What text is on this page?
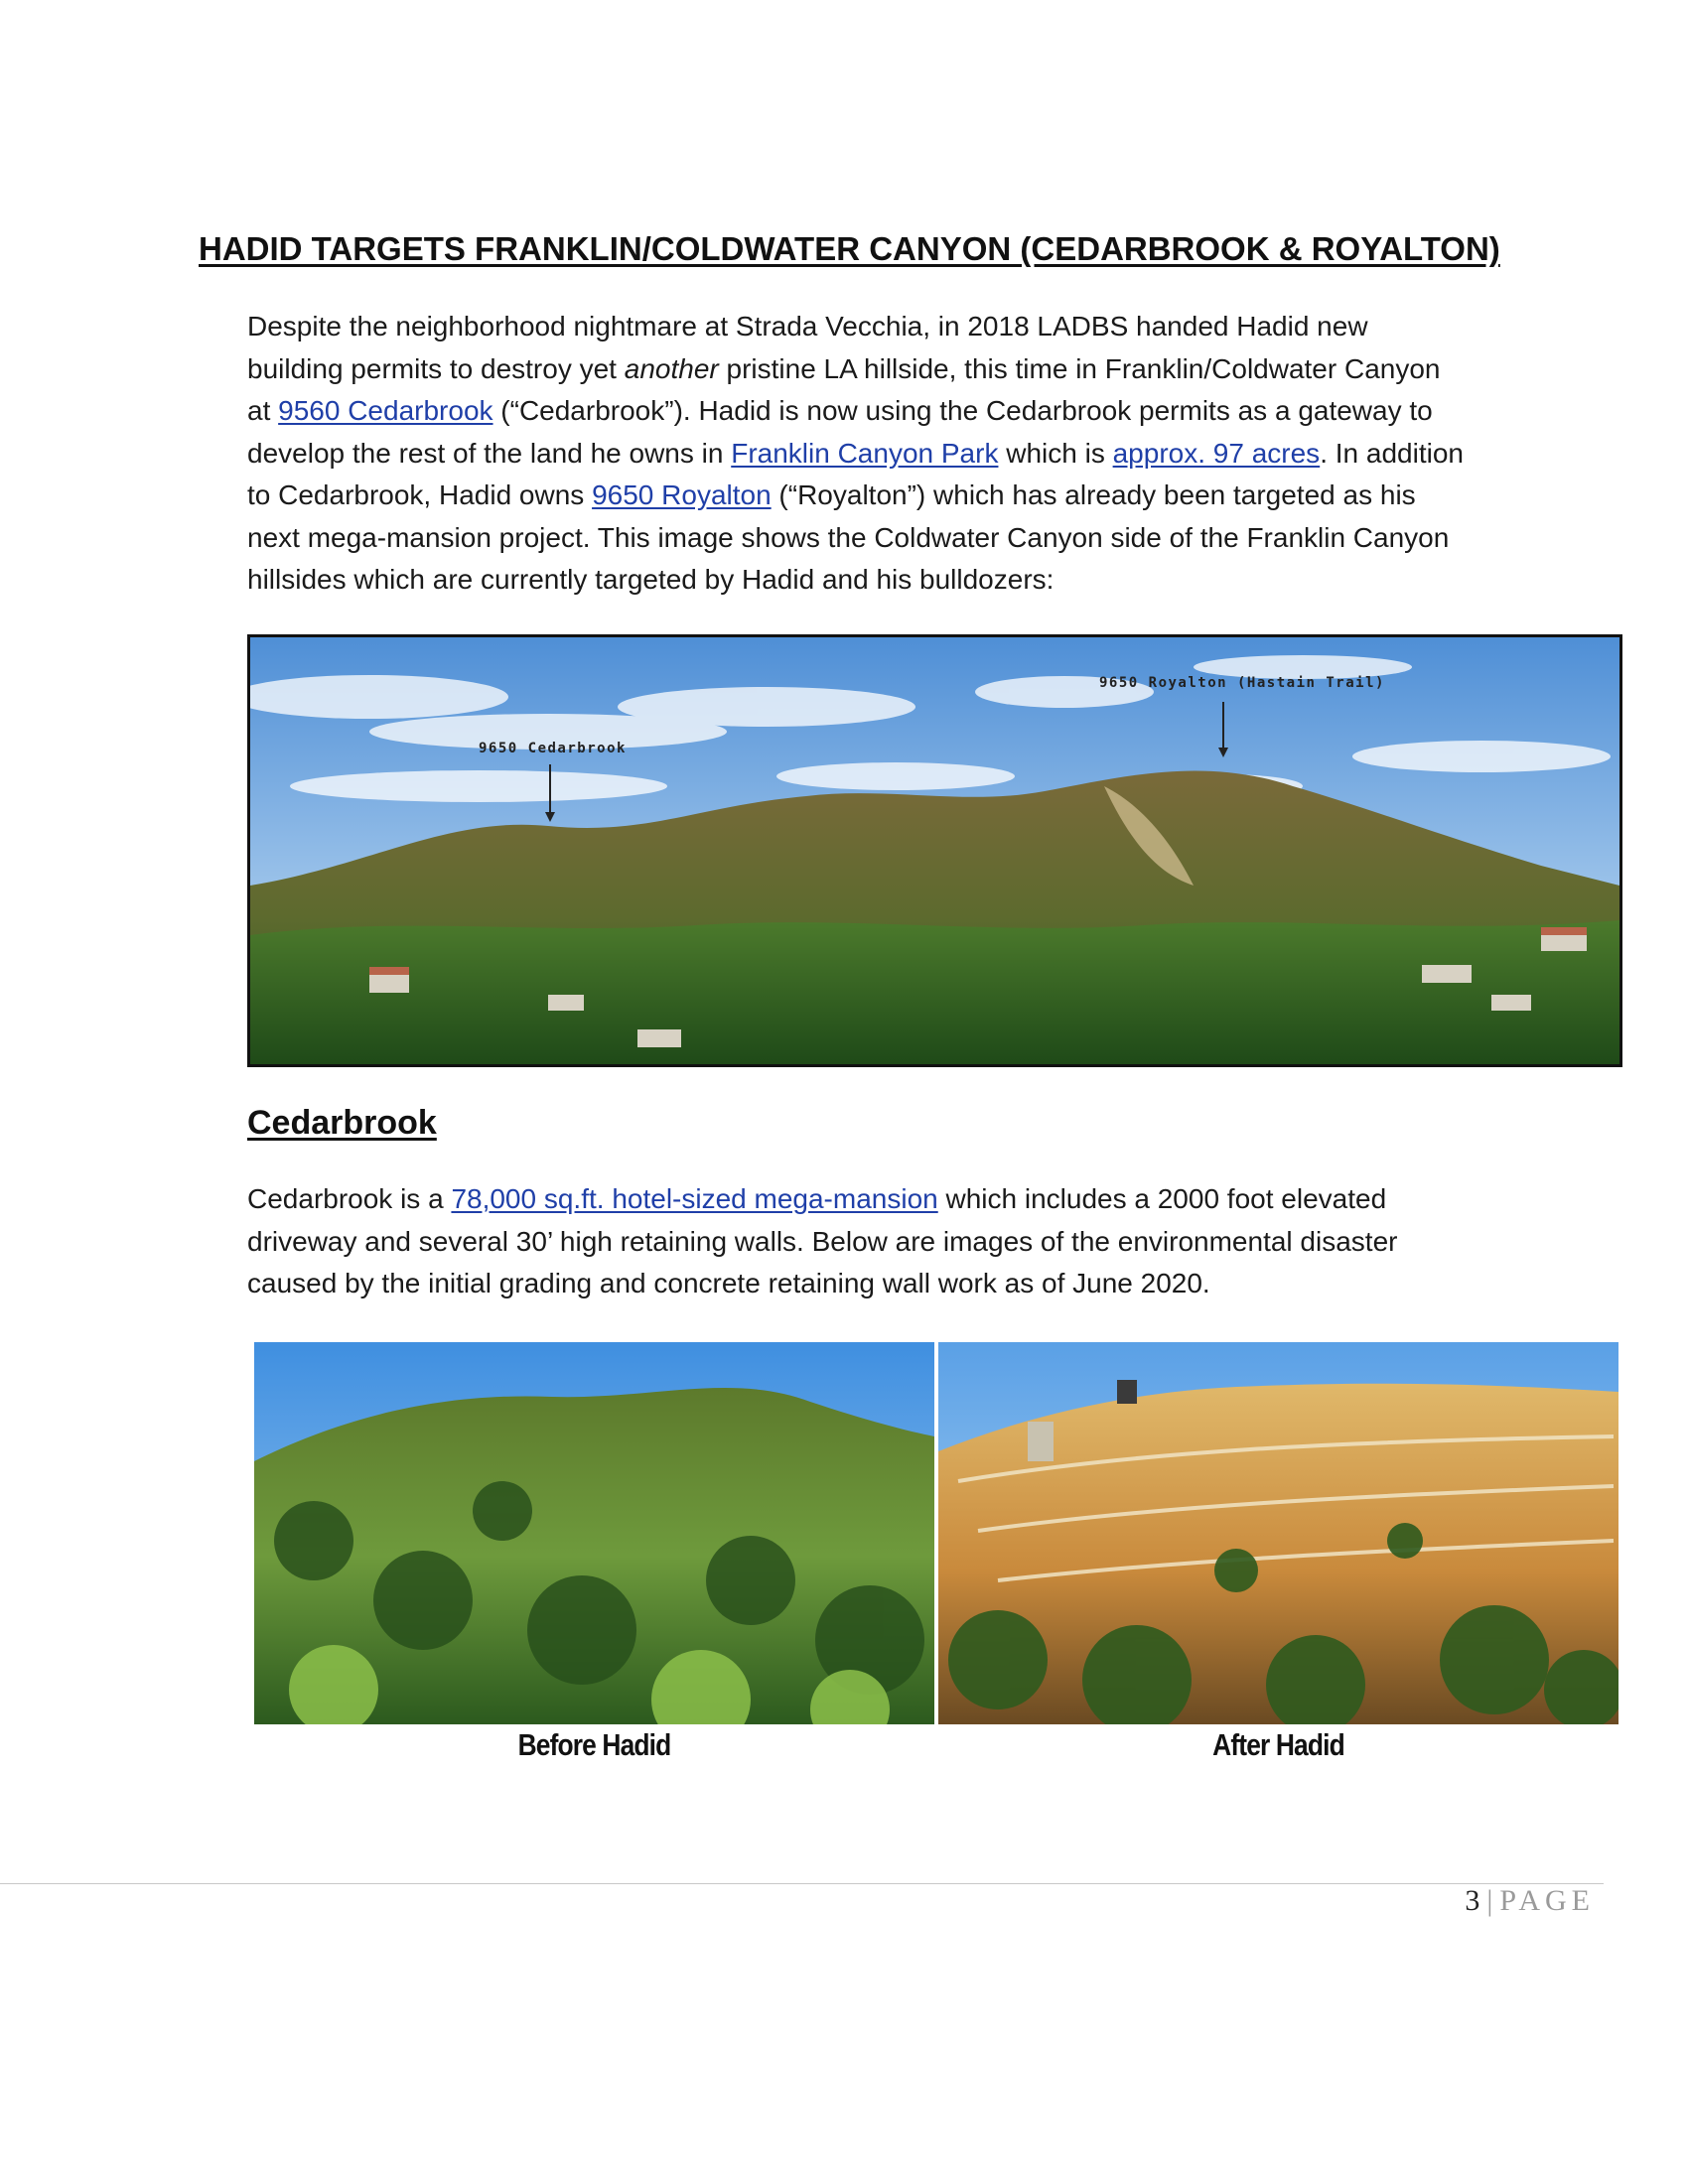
HADID TARGETS FRANKLIN/COLDWATER CANYON (CEDARBROOK & ROYALTON)

Despite the neighborhood nightmare at Strada Vecchia, in 2018 LADBS handed Hadid new building permits to destroy yet another pristine LA hillside, this time in Franklin/Coldwater Canyon at 9560 Cedarbrook (“Cedarbrook”). Hadid is now using the Cedarbrook permits as a gateway to develop the rest of the land he owns in Franklin Canyon Park which is approx. 97 acres. In addition to Cedarbrook, Hadid owns 9650 Royalton (“Royalton”) which has already been targeted as his next mega-mansion project. This image shows the Coldwater Canyon side of the Franklin Canyon hillsides which are currently targeted by Hadid and his bulldozers:

9650 Cedarbrook
9650 Royalton (Hastain Trail)
Cedarbrook

Cedarbrook is a 78,000 sq.ft. hotel-sized mega-mansion which includes a 2000 foot elevated driveway and several 30’ high retaining walls. Below are images of the environmental disaster caused by the initial grading and concrete retaining wall work as of June 2020.

Before Hadid	After Hadid
3 | PAGE
